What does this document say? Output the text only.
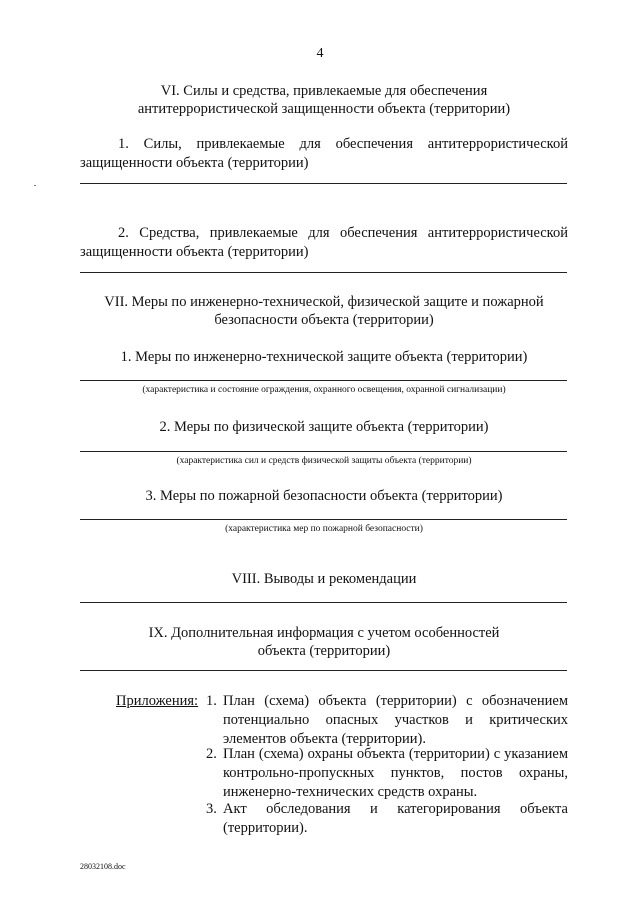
4
VI. Силы и средства, привлекаемые для обеспечения
антитеррористической защищенности объекта (территории)
1. Силы, привлекаемые для обеспечения антитеррористической защищенности объекта (территории)
2. Средства, привлекаемые для обеспечения антитеррористической защищенности объекта (территории)
VII. Меры по инженерно-технической, физической защите и пожарной
безопасности объекта (территории)
1. Меры по инженерно-технической защите объекта (территории)
(характеристика и состояние ограждения, охранного освещения, охранной сигнализации)
2. Меры по физической защите объекта (территории)
(характеристика сил и средств физической защиты объекта (территории)
3. Меры по пожарной безопасности объекта (территории)
(характеристика мер по пожарной безопасности)
VIII. Выводы и рекомендации
IX. Дополнительная информация с учетом особенностей
объекта (территории)
Приложения: 1. План (схема) объекта (территории) с обозначением потенциально опасных участков и критических элементов объекта (территории).
2. План (схема) охраны объекта (территории) с указанием контрольно-пропускных пунктов, постов охраны, инженерно-технических средств охраны.
3. Акт обследования и категорирования объекта (территории).
28032108.doc
